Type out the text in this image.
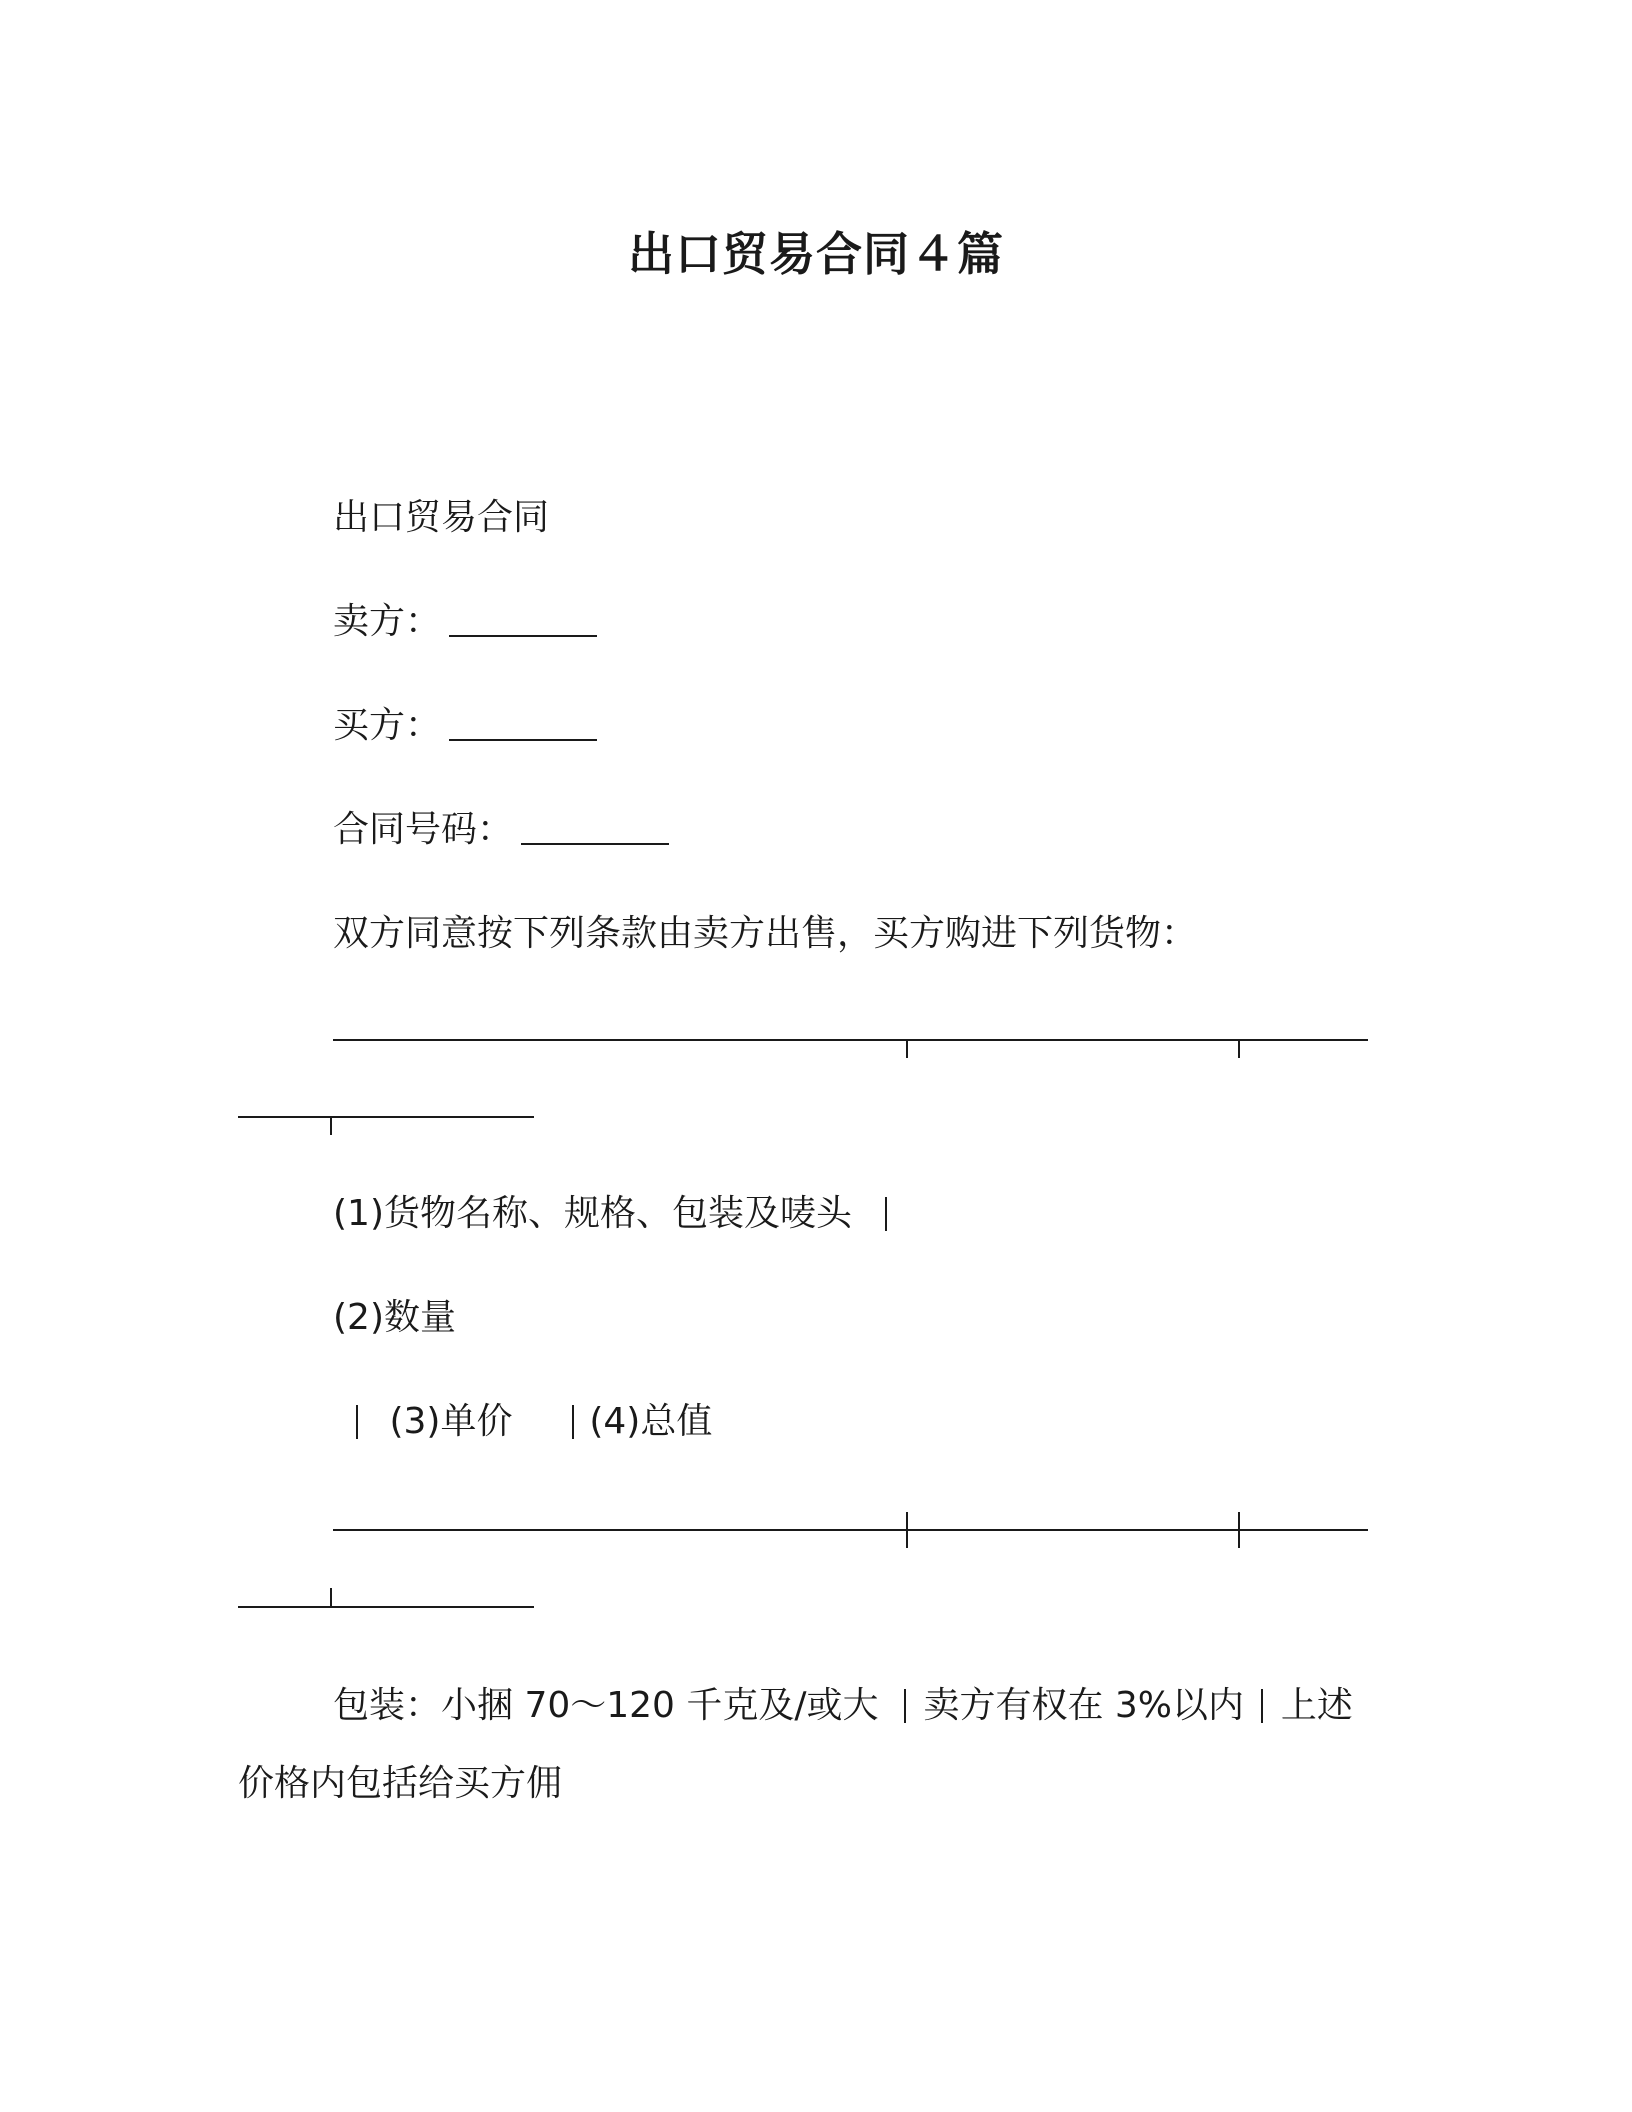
出口贸易合同４篇
出口贸易合同
卖方：
买方：
合同号码：
双方同意按下列条款由卖方出售，买方购进下列货物：
(1)货物名称、规格、包装及唛头
(2)数量
(3)单价 (4)总值
包装：小捆 70～120 千克及/或大 卖方有权在 3%以内 上述
价格内包括给买方佣
